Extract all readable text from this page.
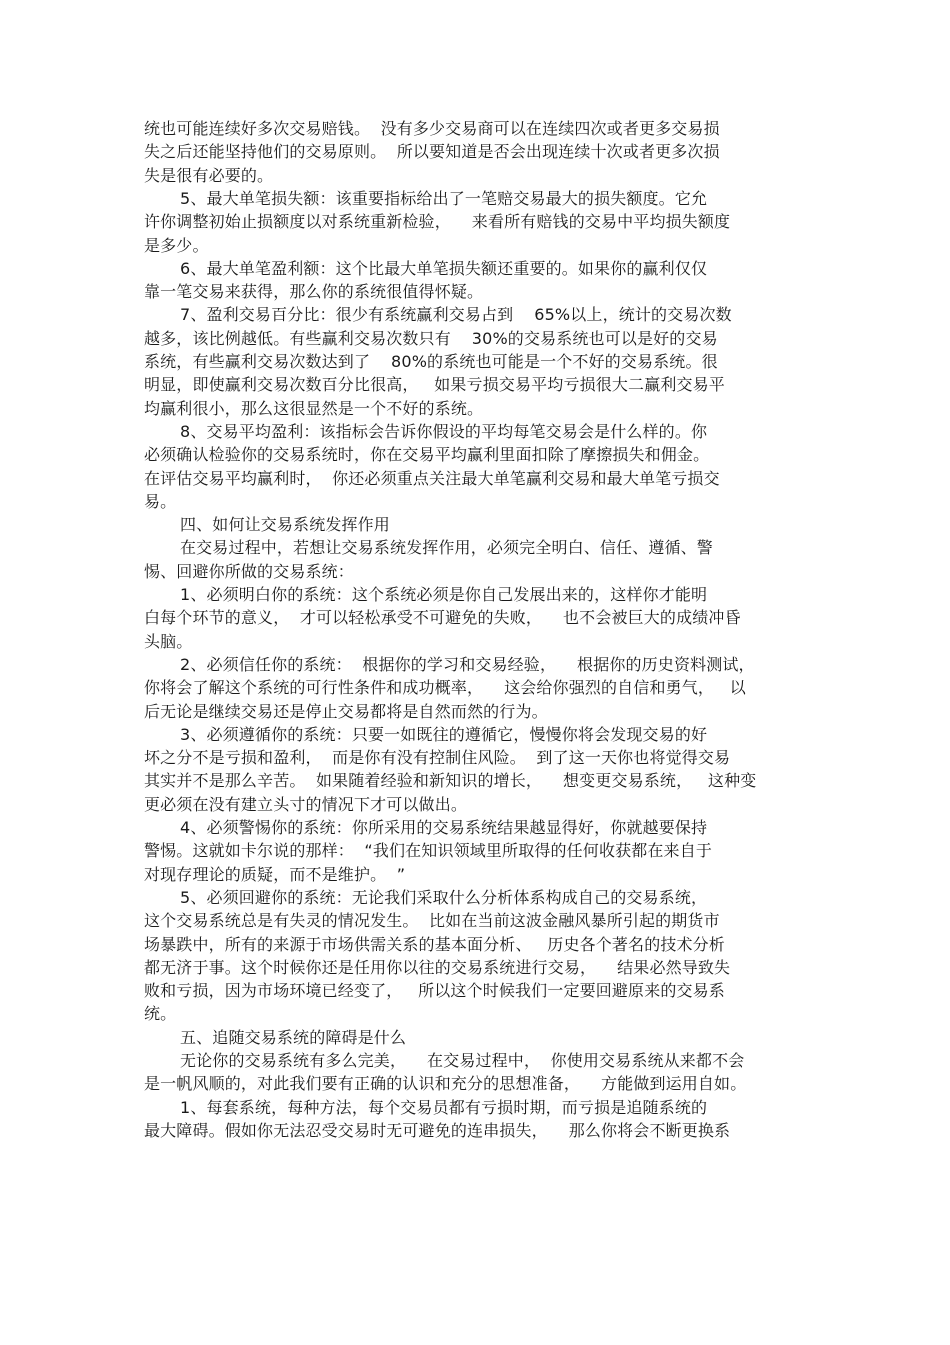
统也可能连续好多次交易赔钱。  没有多少交易商可以在连续四次或者更多交易损
失之后还能坚持他们的交易原则。  所以要知道是否会出现连续十次或者更多次损
失是很有必要的。
5、最大单笔损失额：该重要指标给出了一笔赔交易最大的损失额度。它允
许你调整初始止损额度以对系统重新检验，    来看所有赔钱的交易中平均损失额度
是多少。
6、最大单笔盈利额：这个比最大单笔损失额还重要的。如果你的赢利仅仅
靠一笔交易来获得，那么你的系统很值得怀疑。
7、盈利交易百分比：很少有系统赢利交易占到    65%以上，统计的交易次数
越多，该比例越低。有些赢利交易次数只有    30%的交易系统也可以是好的交易
系统，有些赢利交易次数达到了    80%的系统也可能是一个不好的交易系统。很
明显，即使赢利交易次数百分比很高，   如果亏损交易平均亏损很大二赢利交易平
均赢利很小，那么这很显然是一个不好的系统。
8、交易平均盈利：该指标会告诉你假设的平均每笔交易会是什么样的。你
必须确认检验你的交易系统时，你在交易平均赢利里面扣除了摩擦损失和佣金。
在评估交易平均赢利时，  你还必须重点关注最大单笔赢利交易和最大单笔亏损交
易。
四、如何让交易系统发挥作用
在交易过程中，若想让交易系统发挥作用，必须完全明白、信任、遵循、警
惕、回避你所做的交易系统：
1、必须明白你的系统：这个系统必须是你自己发展出来的，这样你才能明
白每个环节的意义，  才可以轻松承受不可避免的失败，    也不会被巨大的成绩冲昏
头脑。
2、必须信任你的系统：  根据你的学习和交易经验，    根据你的历史资料测试，
你将会了解这个系统的可行性条件和成功概率，    这会给你强烈的自信和勇气，   以
后无论是继续交易还是停止交易都将是自然而然的行为。
3、必须遵循你的系统：只要一如既往的遵循它，慢慢你将会发现交易的好
坏之分不是亏损和盈利，  而是你有没有控制住风险。  到了这一天你也将觉得交易
其实并不是那么辛苦。  如果随着经验和新知识的增长，    想变更交易系统，   这种变
更必须在没有建立头寸的情况下才可以做出。
4、必须警惕你的系统：你所采用的交易系统结果越显得好，你就越要保持
警惕。这就如卡尔说的那样：  “我们在知识领域里所取得的任何收获都在来自于
对现存理论的质疑，而不是维护。  ”
5、必须回避你的系统：无论我们采取什么分析体系构成自己的交易系统，
这个交易系统总是有失灵的情况发生。  比如在当前这波金融风暴所引起的期货市
场暴跌中，所有的来源于市场供需关系的基本面分析、   历史各个著名的技术分析
都无济于事。这个时候你还是任用你以往的交易系统进行交易，    结果必然导致失
败和亏损，因为市场环境已经变了，   所以这个时候我们一定要回避原来的交易系
统。
五、追随交易系统的障碍是什么
无论你的交易系统有多么完美，    在交易过程中，  你使用交易系统从来都不会
是一帆风顺的，对此我们要有正确的认识和充分的思想准备，    方能做到运用自如。
1、每套系统，每种方法，每个交易员都有亏损时期，而亏损是追随系统的
最大障碍。假如你无法忍受交易时无可避免的连串损失，    那么你将会不断更换系
